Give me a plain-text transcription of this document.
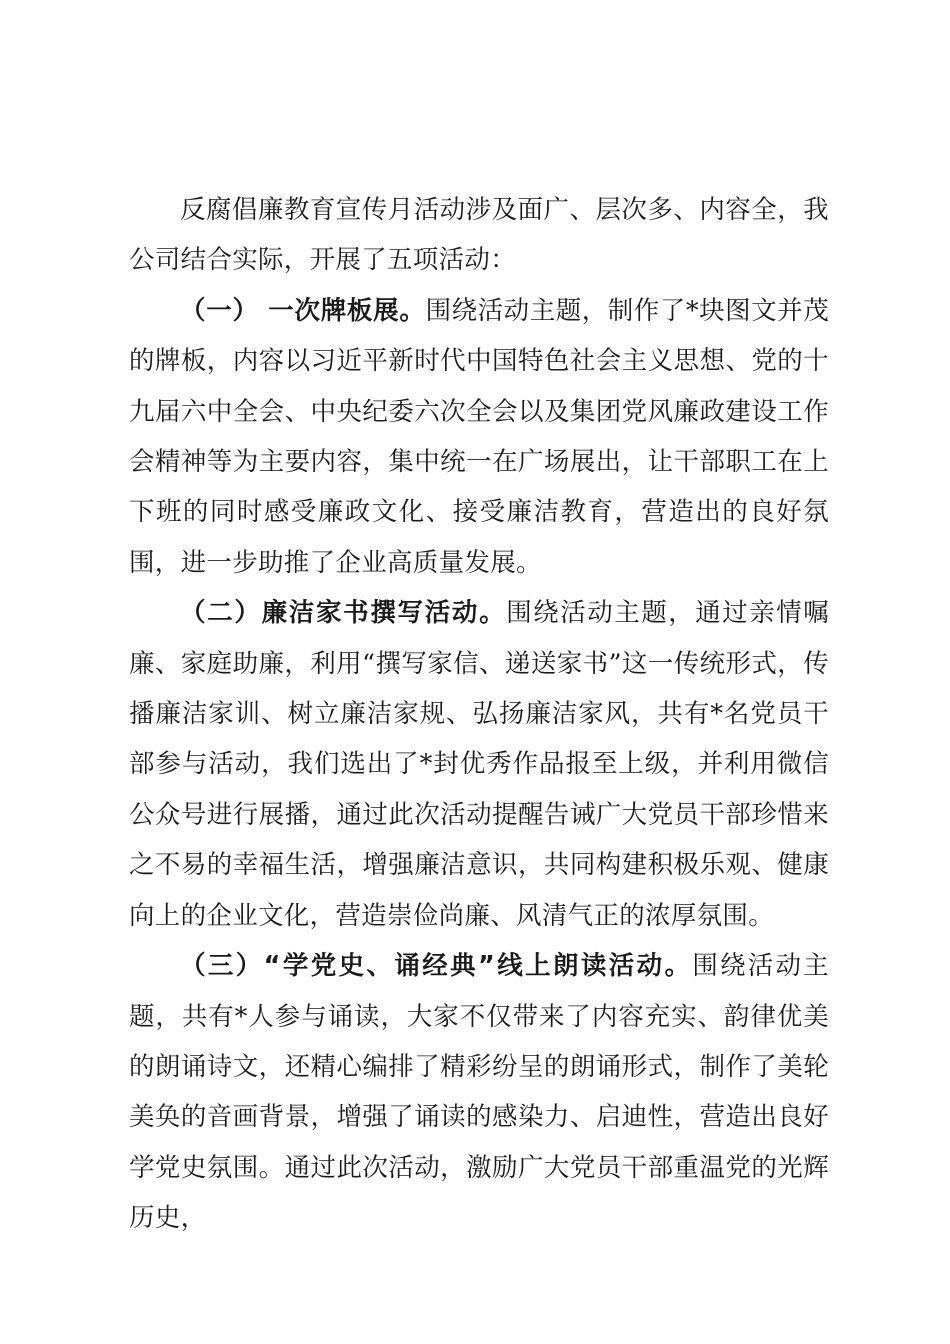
反腐倡廉教育宣传月活动涉及面广、层次多、内容全，我公司结合实际，开展了五项活动：

（一） 一次牌板展。围绕活动主题，制作了*块图文并茂的牌板，内容以习近平新时代中国特色社会主义思想、党的十九届六中全会、中央纪委六次全会以及集团党风廉政建设工作会精神等为主要内容，集中统一在广场展出，让干部职工在上下班的同时感受廉政文化、接受廉洁教育，营造出的良好氛围，进一步助推了企业高质量发展。

（二）廉洁家书撰写活动。围绕活动主题，通过亲情嘱廉、家庭助廉，利用“撰写家信、递送家书”这一传统形式，传播廉洁家训、树立廉洁家规、弘扬廉洁家风，共有*名党员干部参与活动，我们选出了*封优秀作品报至上级，并利用微信公众号进行展播，通过此次活动提醒告诫广大党员干部珍惜来之不易的幸福生活，增强廉洁意识，共同构建积极乐观、健康向上的企业文化，营造崇俭尚廉、风清气正的浓厚氛围。

（三）“学党史、诵经典”线上朗读活动。围绕活动主题，共有*人参与诵读，大家不仅带来了内容充实、韵律优美的朗诵诗文，还精心编排了精彩纷呈的朗诵形式，制作了美轮美奂的音画背景，增强了诵读的感染力、启迪性，营造出良好学党史氛围。通过此次活动，激励广大党员干部重温党的光辉历史，
